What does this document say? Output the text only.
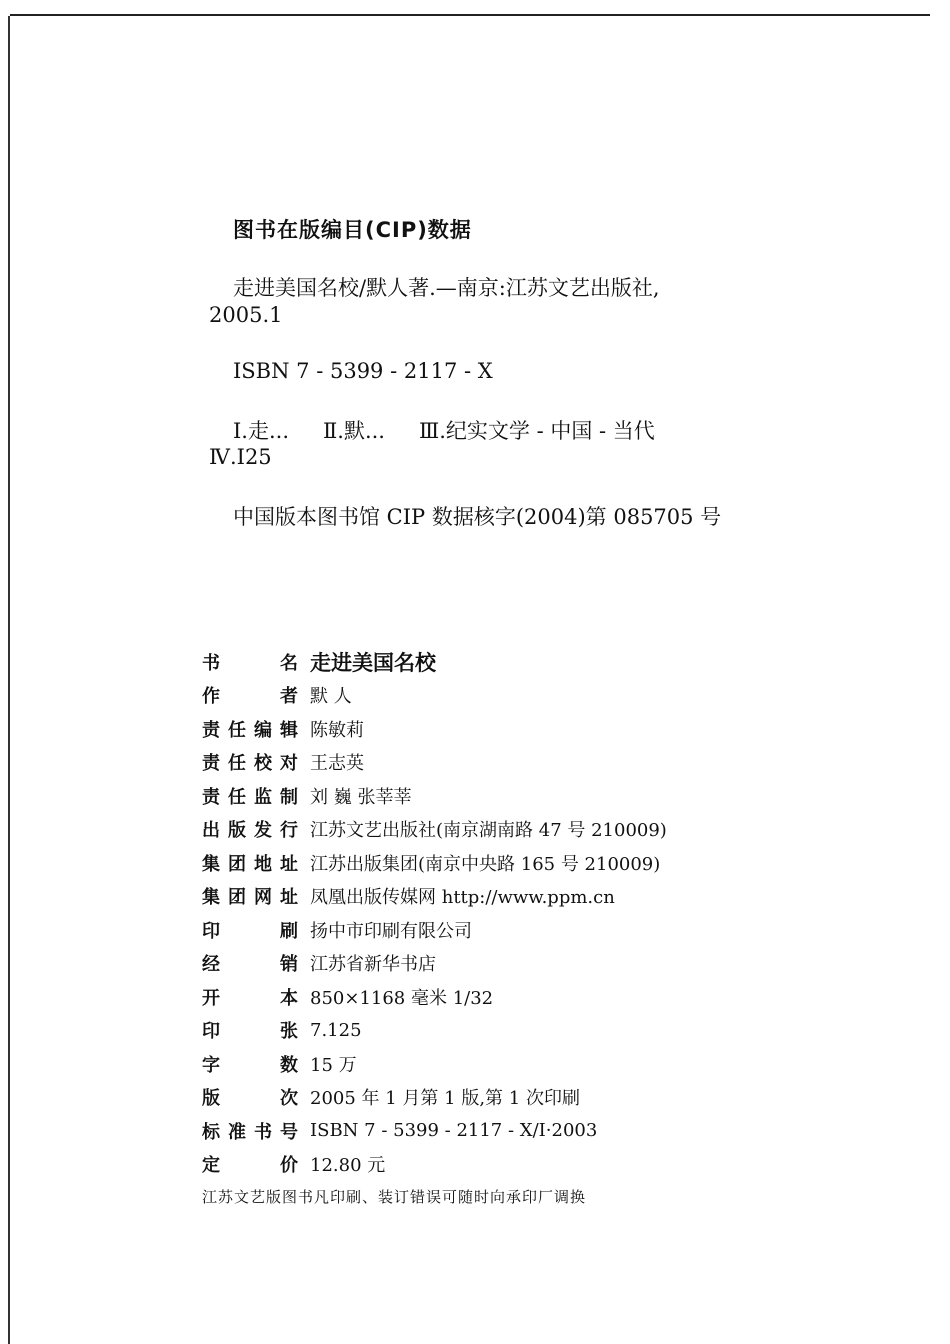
图书在版编目(CIP)数据
走进美国名校/默人著.—南京:江苏文艺出版社,
2005.1
ISBN 7 - 5399 - 2117 - X
Ⅰ.走... Ⅱ.默... Ⅲ.纪实文学 - 中国 - 当代
Ⅳ.I25
中国版本图书馆 CIP 数据核字(2004)第 085705 号
书 名	走进美国名校
作 者	默 人
责任编辑	陈敏莉
责任校对	王志英
责任监制	刘 巍 张莘莘
出版发行	江苏文艺出版社(南京湖南路 47 号 210009)
集团地址	江苏出版集团(南京中央路 165 号 210009)
集团网址	凤凰出版传媒网 http://www.ppm.cn
印 刷	扬中市印刷有限公司
经 销	江苏省新华书店
开 本	850×1168 毫米 1/32
印 张	7.125
字 数	15 万
版 次	2005 年 1 月第 1 版,第 1 次印刷
标准书号	ISBN 7 - 5399 - 2117 - X/I·2003
定 价	12.80 元
江苏文艺版图书凡印刷、装订错误可随时向承印厂调换
